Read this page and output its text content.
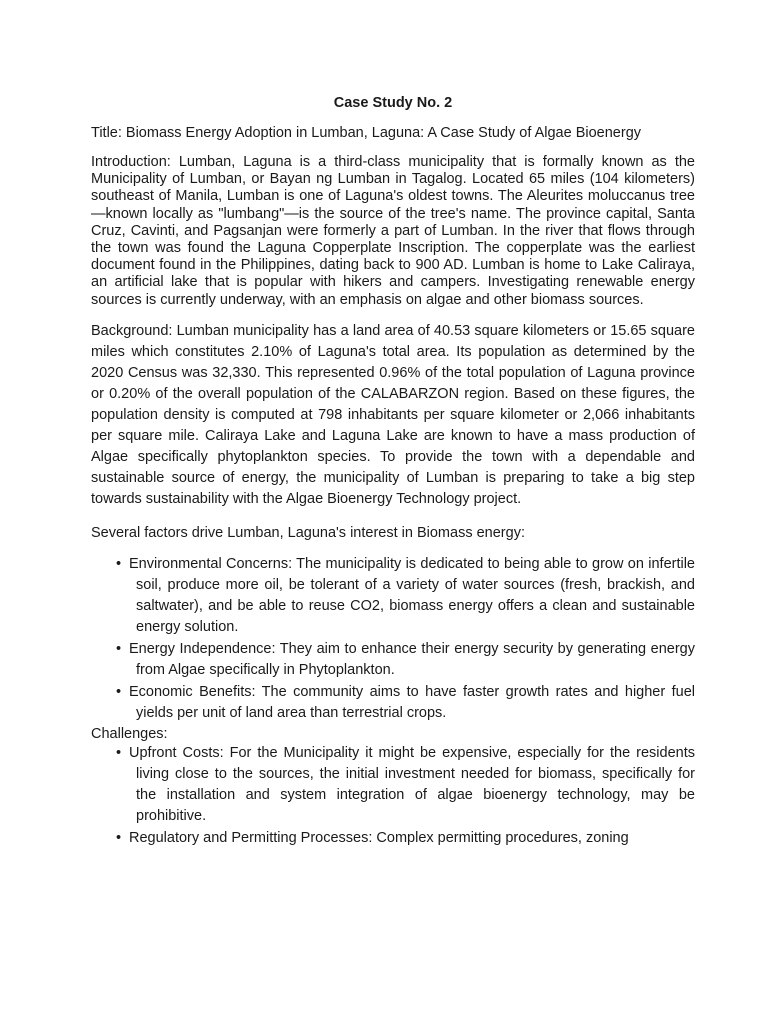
Case Study No. 2

Title: Biomass Energy Adoption in Lumban, Laguna: A Case Study of Algae Bioenergy

Introduction: Lumban, Laguna is a third-class municipality that is formally known as the Municipality of Lumban, or Bayan ng Lumban in Tagalog. Located 65 miles (104 kilometers) southeast of Manila, Lumban is one of Laguna's oldest towns. The Aleurites moluccanus tree—known locally as "lumbang"—is the source of the tree's name. The province capital, Santa Cruz, Cavinti, and Pagsanjan were formerly a part of Lumban. In the river that flows through the town was found the Laguna Copperplate Inscription. The copperplate was the earliest document found in the Philippines, dating back to 900 AD. Lumban is home to Lake Caliraya, an artificial lake that is popular with hikers and campers. Investigating renewable energy sources is currently underway, with an emphasis on algae and other biomass sources.

Background: Lumban municipality has a land area of 40.53 square kilometers or 15.65 square miles which constitutes 2.10% of Laguna's total area. Its population as determined by the 2020 Census was 32,330. This represented 0.96% of the total population of Laguna province or 0.20% of the overall population of the CALABARZON region. Based on these figures, the population density is computed at 798 inhabitants per square kilometer or 2,066 inhabitants per square mile. Caliraya Lake and Laguna Lake are known to have a mass production of Algae specifically phytoplankton species. To provide the town with a dependable and sustainable source of energy, the municipality of Lumban is preparing to take a big step towards sustainability with the Algae Bioenergy Technology project.

Several factors drive Lumban, Laguna's interest in Biomass energy:

• Environmental Concerns: The municipality is dedicated to being able to grow on infertile soil, produce more oil, be tolerant of a variety of water sources (fresh, brackish, and saltwater), and be able to reuse CO2, biomass energy offers a clean and sustainable energy solution.
• Energy Independence: They aim to enhance their energy security by generating energy from Algae specifically in Phytoplankton.
• Economic Benefits: The community aims to have faster growth rates and higher fuel yields per unit of land area than terrestrial crops.

Challenges:

• Upfront Costs: For the Municipality it might be expensive, especially for the residents living close to the sources, the initial investment needed for biomass, specifically for the installation and system integration of algae bioenergy technology, may be prohibitive.
• Regulatory and Permitting Processes: Complex permitting procedures, zoning
